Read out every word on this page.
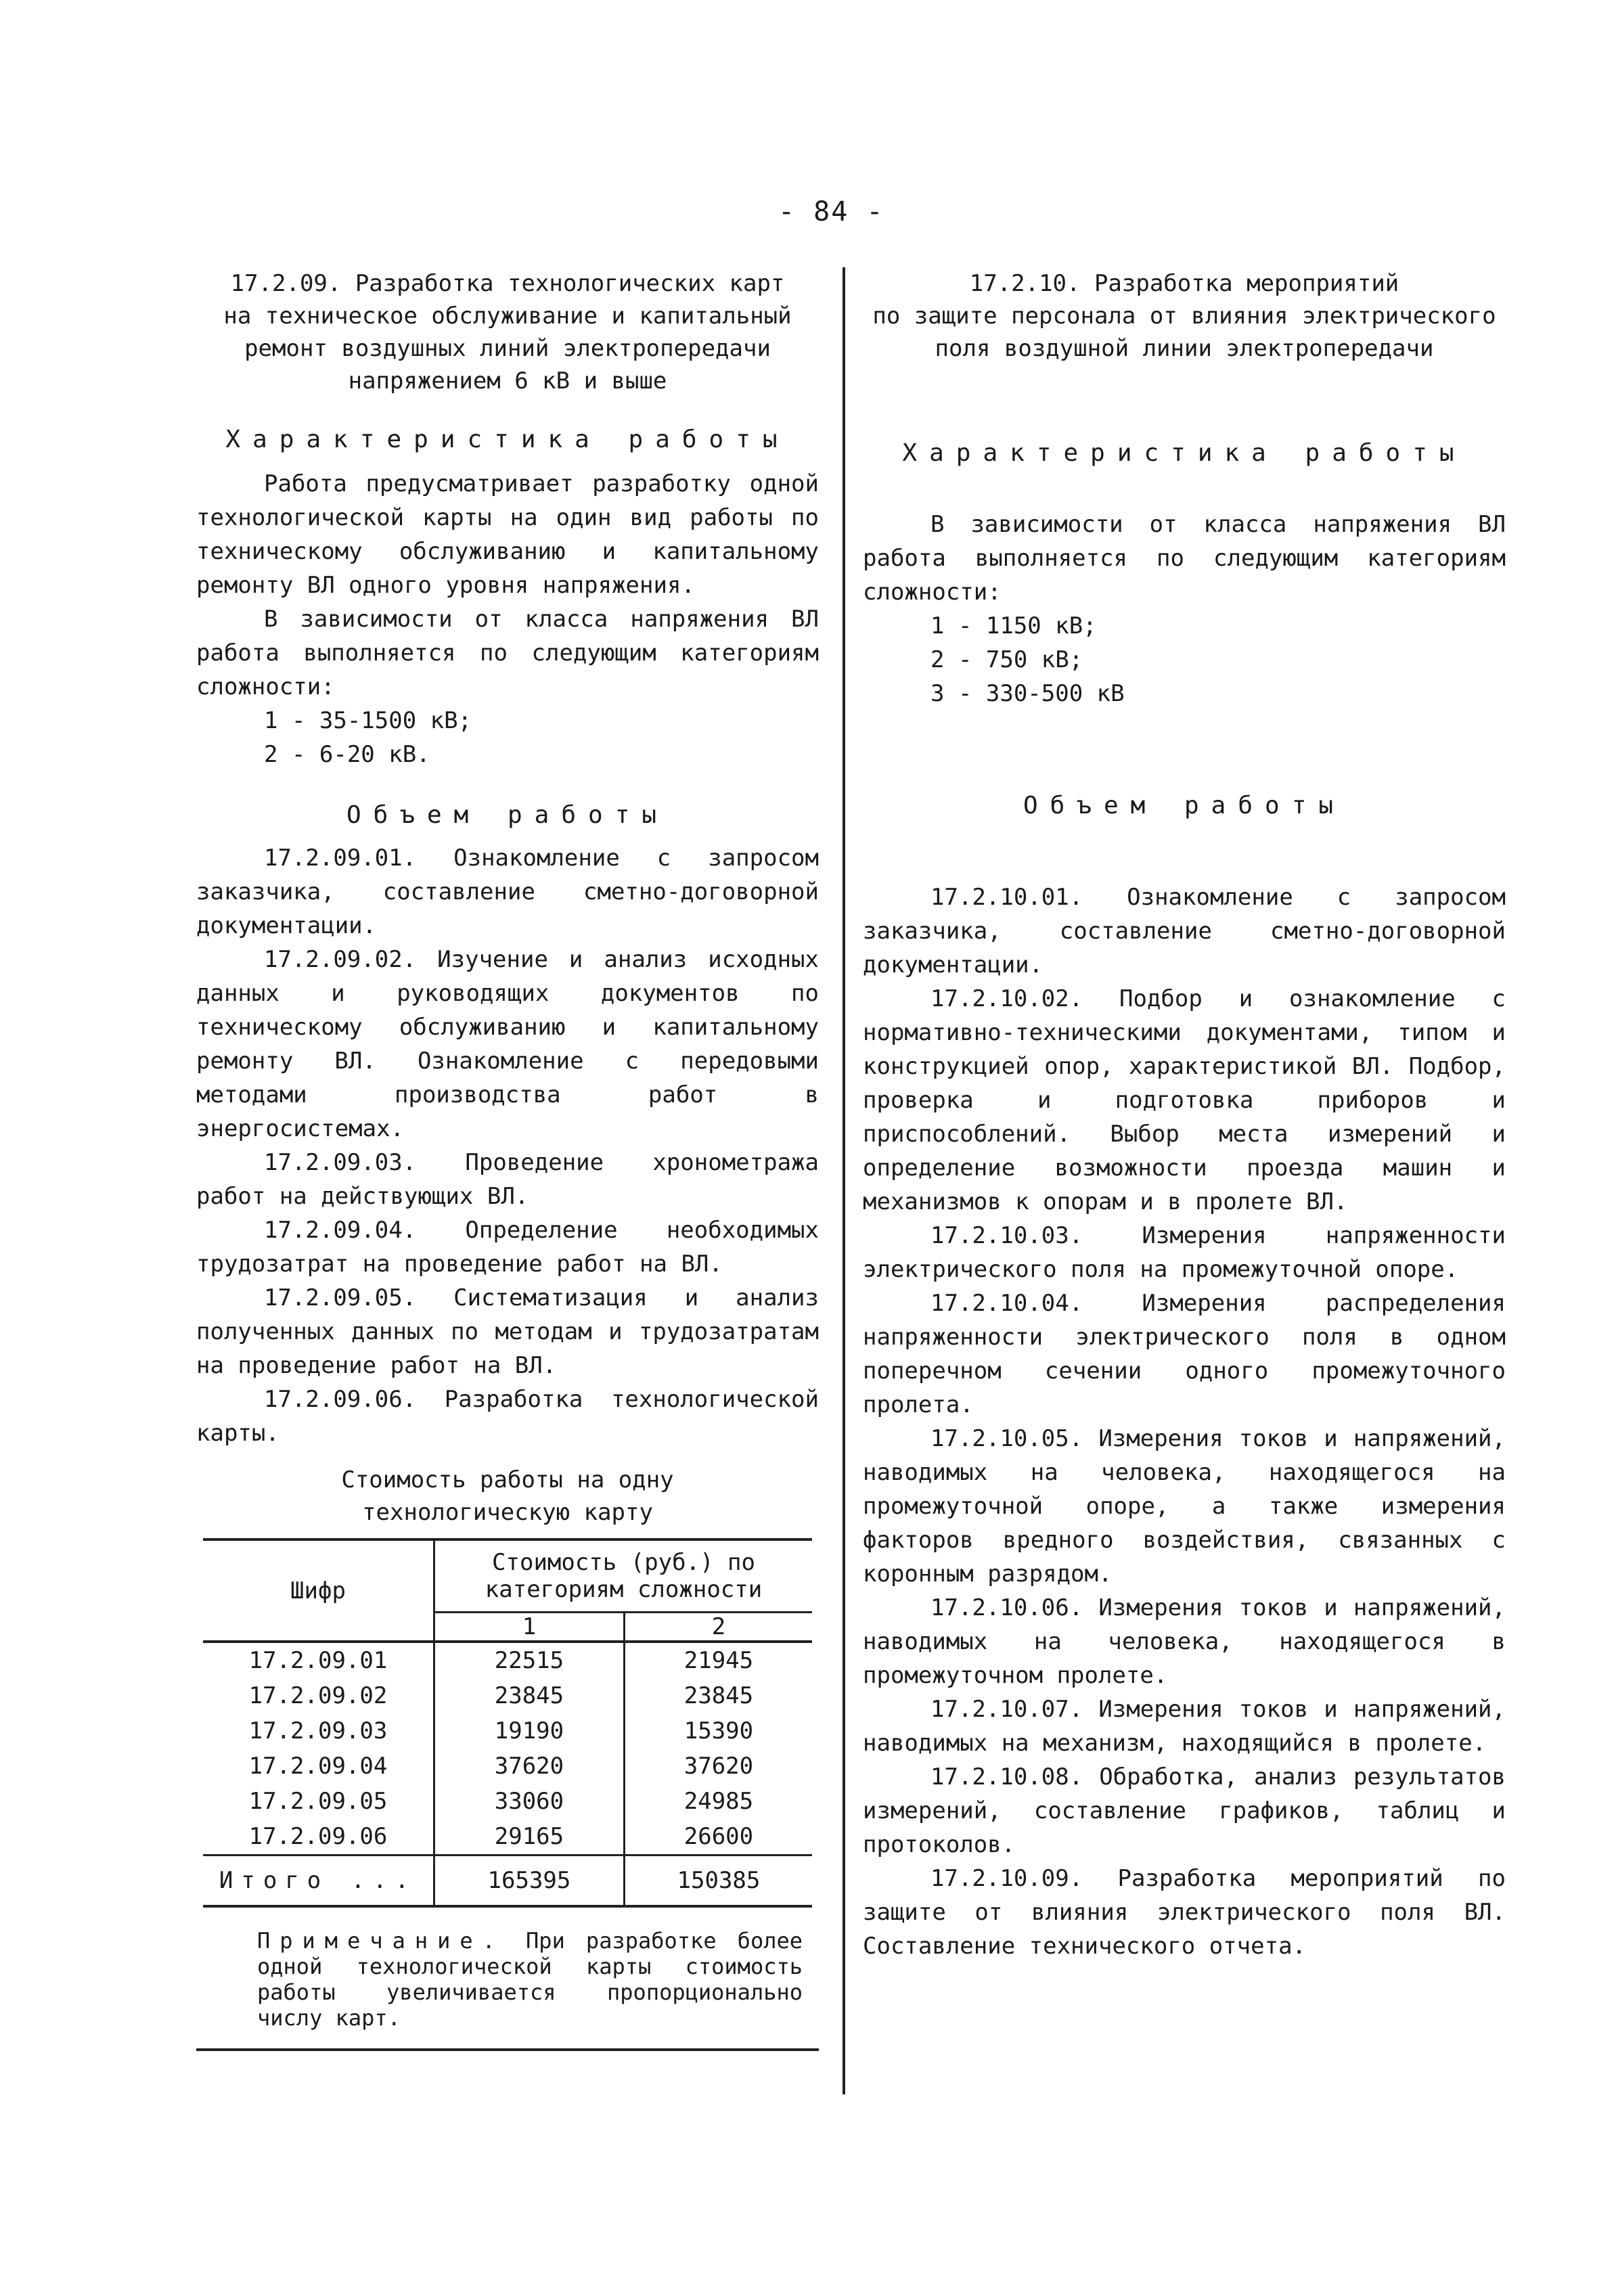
- 84 -

17.2.09. Разработка технологических карт

на техническое обслуживание и капитальный

ремонт воздушных линий электропередачи

напряжением 6 кВ и выше

Характеристика работы

Работа предусматривает разработку одной технологической карты на один вид работы по техническому обслуживанию и капитальному ремонту ВЛ одного уровня напряжения.

В зависимости от класса напряжения ВЛ работа выполняется по следующим категориям сложности:

1 - 35-1500 кВ;

2 - 6-20 кВ.

Объем работы

17.2.09.01. Ознакомление с запросом заказчика, составление сметно-договорной документации.

17.2.09.02. Изучение и анализ исходных данных и руководящих документов по техническому обслуживанию и капитальному ремонту ВЛ. Ознакомление с передовыми методами производства работ в энергосистемах.

17.2.09.03. Проведение хронометража работ на действующих ВЛ.

17.2.09.04. Определение необходимых трудозатрат на проведение работ на ВЛ.

17.2.09.05. Систематизация и анализ полученных данных по методам и трудозатратам на проведение работ на ВЛ.

17.2.09.06. Разработка технологической карты.

Стоимость работы на одну

технологическую карту

Шифр	Стоимость (руб.) по категориям сложности	
	1	2
17.2.09.01	22515	21945
17.2.09.02	23845	23845
17.2.09.03	19190	15390
17.2.09.04	37620	37620
17.2.09.05	33060	24985
17.2.09.06	29165	26600
Итого ...	165395	150385

Примечание. При разработке более одной технологической карты стоимость работы увеличивается пропорционально числу карт.

17.2.10. Разработка мероприятий

по защите персонала от влияния электрического

поля воздушной линии электропередачи

Характеристика работы

В зависимости от класса напряжения ВЛ работа выполняется по следующим категориям сложности:

1 - 1150 кВ;

2 - 750 кВ;

3 - 330-500 кВ

Объем работы

17.2.10.01. Ознакомление с запросом заказчика, составление сметно-договорной документации.

17.2.10.02. Подбор и ознакомление с нормативно-техническими документами, типом и конструкцией опор, характеристикой ВЛ. Подбор, проверка и подготовка приборов и приспособлений. Выбор места измерений и определение возможности проезда машин и механизмов к опорам и в пролете ВЛ.

17.2.10.03. Измерения напряженности электрического поля на промежуточной опоре.

17.2.10.04. Измерения распределения напряженности электрического поля в одном поперечном сечении одного промежуточного пролета.

17.2.10.05. Измерения токов и напряжений, наводимых на человека, находящегося на промежуточной опоре, а также измерения факторов вредного воздействия, связанных с коронным разрядом.

17.2.10.06. Измерения токов и напряжений, наводимых на человека, находящегося в промежуточном пролете.

17.2.10.07. Измерения токов и напряжений, наводимых на механизм, находящийся в пролете.

17.2.10.08. Обработка, анализ результатов измерений, составление графиков, таблиц и протоколов.

17.2.10.09. Разработка мероприятий по защите от влияния электрического поля ВЛ. Составление технического отчета.
